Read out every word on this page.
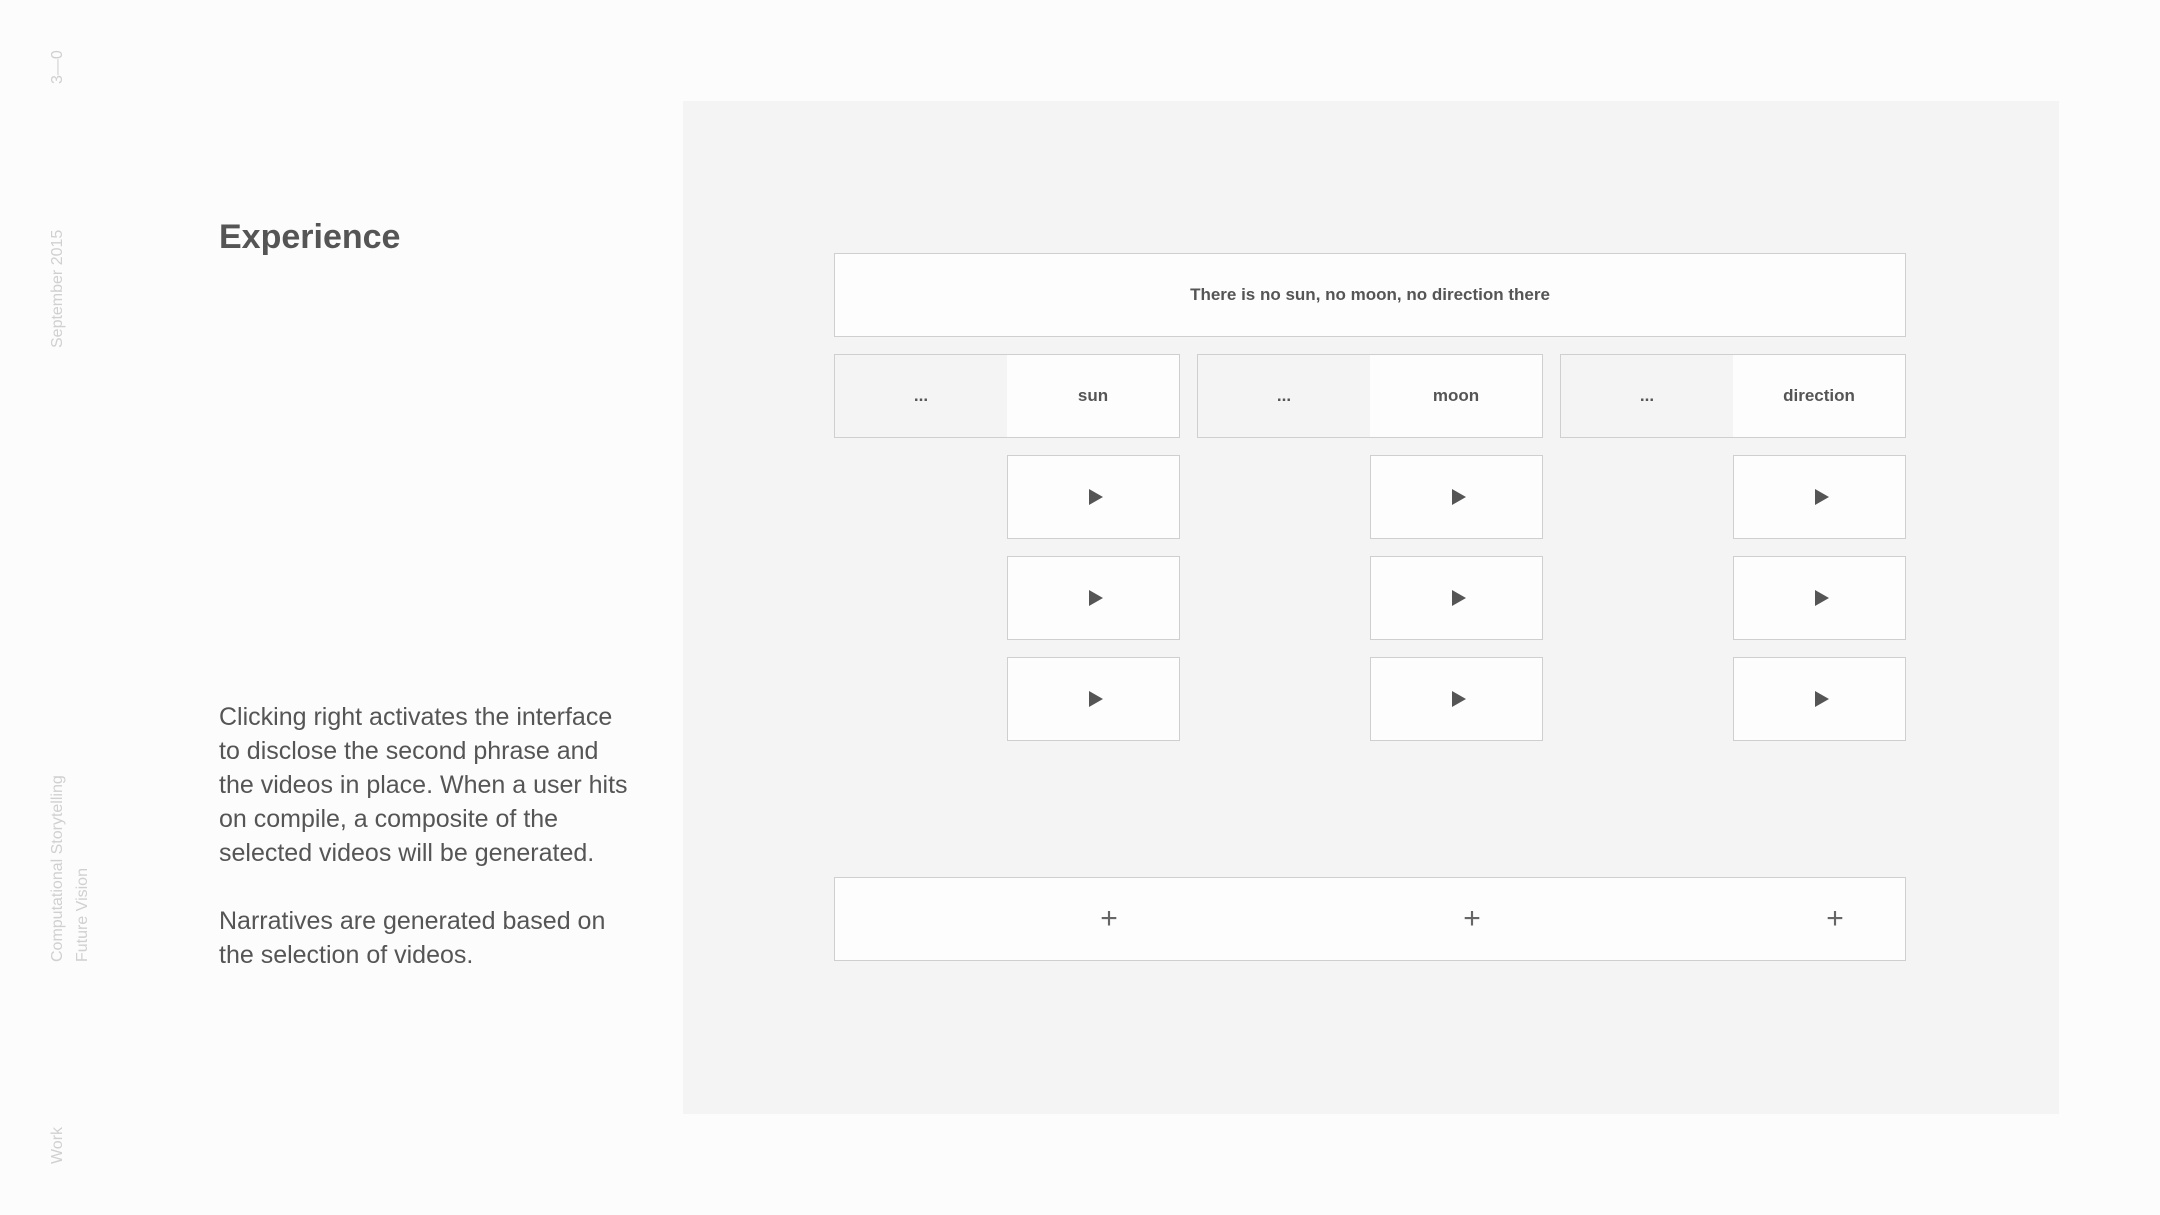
3—0
September 2015
Computational Storytelling Future Vision
Work
Experience

Clicking right activates the interface to disclose the second phrase and the videos in place. When a user hits on compile, a composite of the selected videos will be generated.

Narratives are generated based on the selection of videos.

There is no sun, no moon, no direction there
...	sun	...	moon	...	direction
+	+	+
